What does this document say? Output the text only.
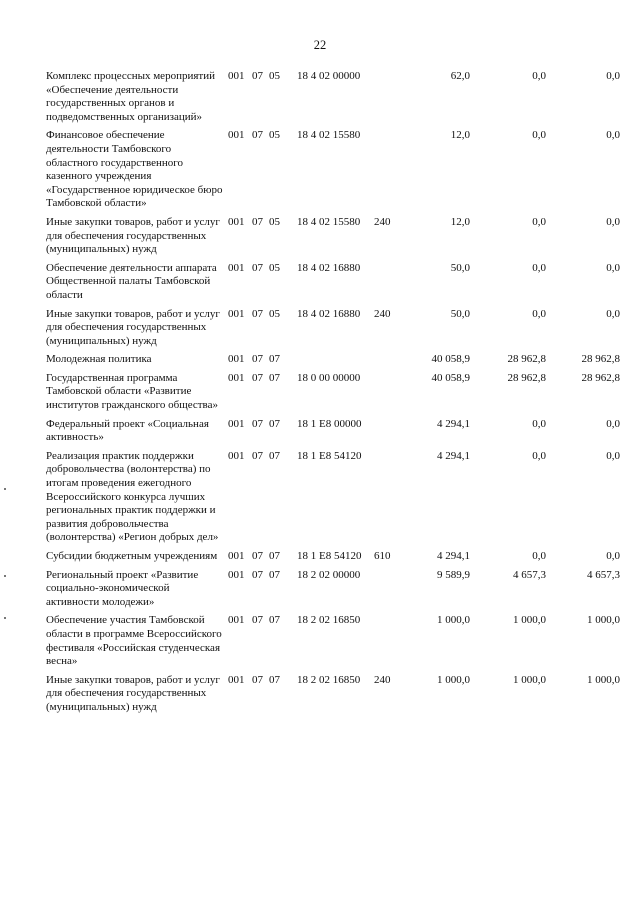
22
Комплекс процессных мероприятий «Обеспечение деятельности государственных органов и подведомственных организаций»
001 07 05 18 4 02 00000	62,0	0,0	0,0
Финансовое обеспечение деятельности Тамбовского областного государственного казенного учреждения «Государственное юридическое бюро Тамбовской области»
001 07 05 18 4 02 15580	12,0	0,0	0,0
Иные закупки товаров, работ и услуг для обеспечения государственных (муниципальных) нужд
001 07 05 18 4 02 15580 240	12,0	0,0	0,0
Обеспечение деятельности аппарата Общественной палаты Тамбовской области
001 07 05 18 4 02 16880	50,0	0,0	0,0
Иные закупки товаров, работ и услуг для обеспечения государственных (муниципальных) нужд
001 07 05 18 4 02 16880 240	50,0	0,0	0,0
Молодежная политика	001 07 07	40 058,9	28 962,8	28 962,8
Государственная программа Тамбовской области «Развитие институтов гражданского общества»
001 07 07 18 0 00 00000	40 058,9	28 962,8	28 962,8
Федеральный проект «Социальная активность»
001 07 07 18 1 E8 00000	4 294,1	0,0	0,0
Реализация практик поддержки добровольчества (волонтерства) по итогам проведения ежегодного Всероссийского конкурса лучших региональных практик поддержки и развития добровольчества (волонтерства) «Регион добрых дел»
001 07 07 18 1 E8 54120	4 294,1	0,0	0,0
Субсидии бюджетным учреждениям 001 07 07 18 1 E8 54120 610	4 294,1	0,0	0,0
Региональный проект «Развитие социально-экономической активности молодежи»
001 07 07 18 2 02 00000	9 589,9	4 657,3	4 657,3
Обеспечение участия Тамбовской области в программе Всероссийского фестиваля «Российская студенческая весна»
001 07 07 18 2 02 16850	1 000,0	1 000,0	1 000,0
Иные закупки товаров, работ и услуг для обеспечения государственных (муниципальных) нужд
001 07 07 18 2 02 16850 240	1 000,0	1 000,0	1 000,0
